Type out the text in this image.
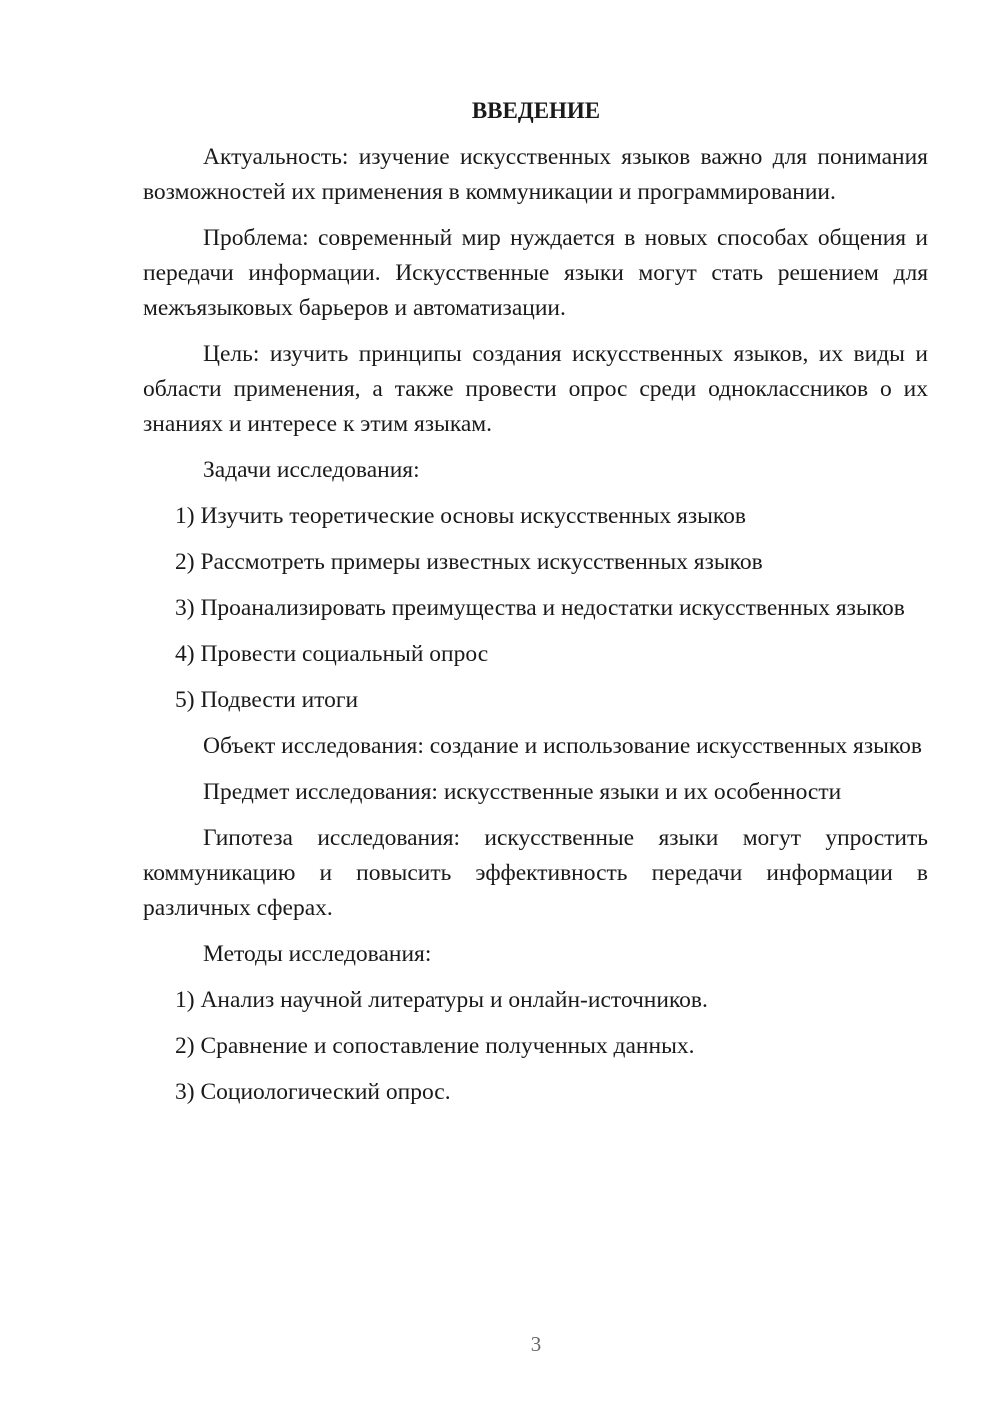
ВВЕДЕНИЕ

Актуальность: изучение искусственных языков важно для понимания возможностей их применения в коммуникации и программировании.

Проблема: современный мир нуждается в новых способах общения и передачи информации. Искусственные языки могут стать решением для межъязыковых барьеров и автоматизации.

Цель: изучить принципы создания искусственных языков, их виды и области применения, а также провести опрос среди одноклассников о их знаниях и интересе к этим языкам.

Задачи исследования:

1) Изучить теоретические основы искусственных языков

2) Рассмотреть примеры известных искусственных языков

3) Проанализировать преимущества и недостатки искусственных языков

4) Провести социальный опрос

5) Подвести итоги

Объект исследования: создание и использование искусственных языков

Предмет исследования: искусственные языки и их особенности

Гипотеза исследования: искусственные языки могут упростить коммуникацию и повысить эффективность передачи информации в различных сферах.

Методы исследования:

1) Анализ научной литературы и онлайн-источников.

2) Сравнение и сопоставление полученных данных.

3) Социологический опрос.

3
